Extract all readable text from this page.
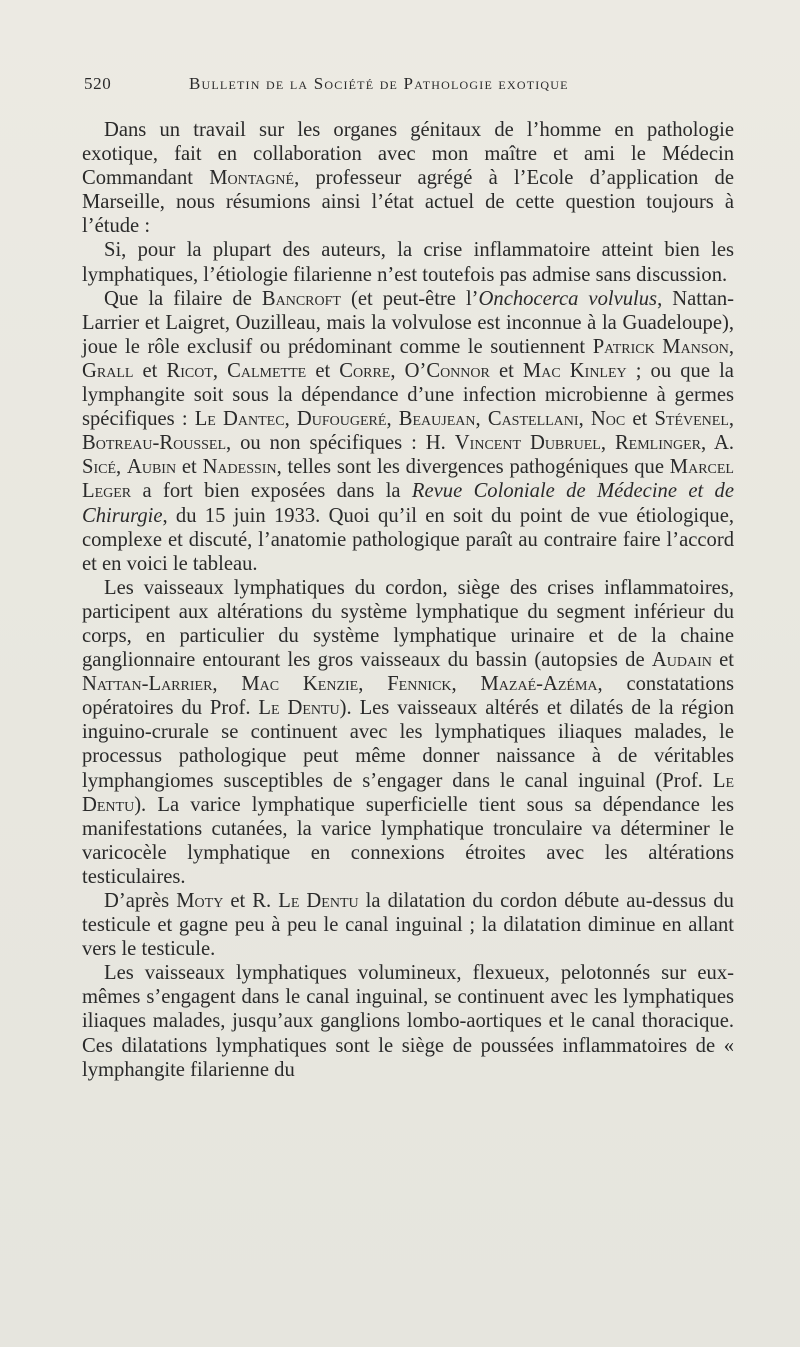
520	Bulletin de la Société de Pathologie exotique

Dans un travail sur les organes génitaux de l’homme en pathologie exotique, fait en collaboration avec mon maître et ami le Médecin Commandant Montagné, professeur agrégé à l’Ecole d’application de Marseille, nous résumions ainsi l’état actuel de cette question toujours à l’étude :

Si, pour la plupart des auteurs, la crise inflammatoire atteint bien les lymphatiques, l’étiologie filarienne n’est toutefois pas admise sans discussion.

Que la filaire de Bancroft (et peut-être l’Onchocerca volvulus, Nattan-Larrier et Laigret, Ouzilleau, mais la volvulose est inconnue à la Guadeloupe), joue le rôle exclusif ou prédominant comme le soutiennent Patrick Manson, Grall et Ricot, Calmette et Corre, O’Connor et Mac Kinley ; ou que la lymphangite soit sous la dépendance d’une infection microbienne à germes spécifiques : Le Dantec, Dufougeré, Beaujean, Castellani, Noc et Stévenel, Botreau-Roussel, ou non spécifiques : H. Vincent Dubruel, Remlinger, A. Sicé, Aubin et Nadessin, telles sont les divergences pathogéniques que Marcel Leger a fort bien exposées dans la Revue Coloniale de Médecine et de Chirurgie, du 15 juin 1933. Quoi qu’il en soit du point de vue étiologique, complexe et discuté, l’anatomie pathologique paraît au contraire faire l’accord et en voici le tableau.

Les vaisseaux lymphatiques du cordon, siège des crises inflammatoires, participent aux altérations du système lymphatique du segment inférieur du corps, en particulier du système lymphatique urinaire et de la chaine ganglionnaire entourant les gros vaisseaux du bassin (autopsies de Audain et Nattan-Larrier, Mac Kenzie, Fennick, Mazaé-Azéma, constatations opératoires du Prof. Le Dentu). Les vaisseaux altérés et dilatés de la région inguino-crurale se continuent avec les lymphatiques iliaques malades, le processus pathologique peut même donner naissance à de véritables lymphangiomes susceptibles de s’engager dans le canal inguinal (Prof. Le Dentu). La varice lymphatique superficielle tient sous sa dépendance les manifestations cutanées, la varice lymphatique tronculaire va déterminer le varicocèle lymphatique en connexions étroites avec les altérations testiculaires.

D’après Moty et R. Le Dentu la dilatation du cordon débute au-dessus du testicule et gagne peu à peu le canal inguinal ; la dilatation diminue en allant vers le testicule.

Les vaisseaux lymphatiques volumineux, flexueux, pelotonnés sur eux-mêmes s’engagent dans le canal inguinal, se continuent avec les lymphatiques iliaques malades, jusqu’aux ganglions lombo-aortiques et le canal thoracique. Ces dilatations lymphatiques sont le siège de poussées inflammatoires de « lymphangite filarienne du
